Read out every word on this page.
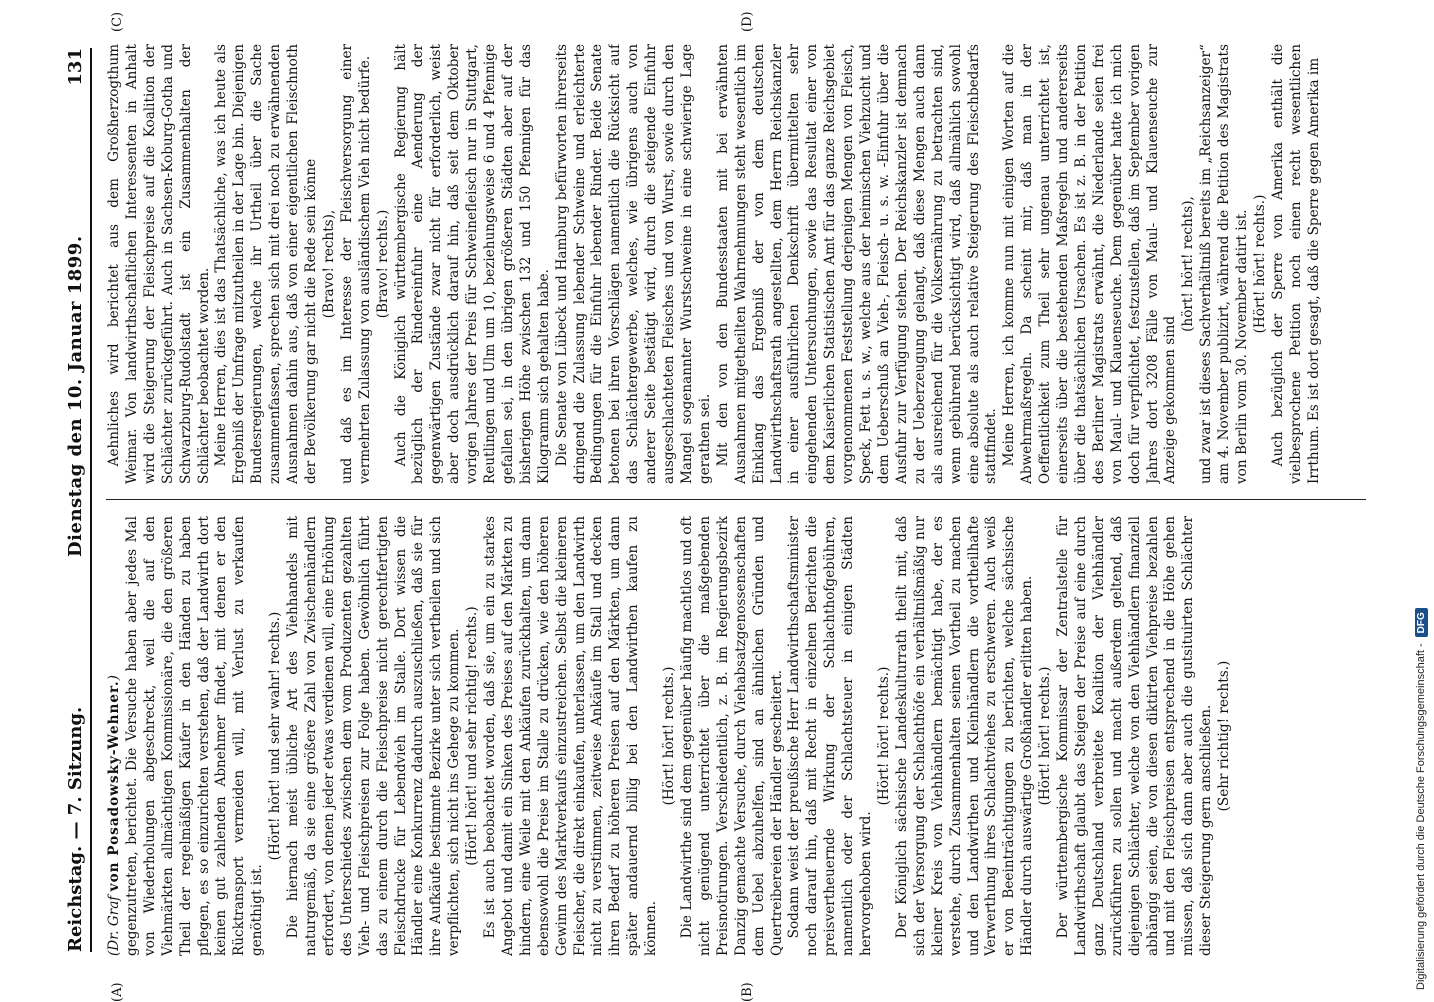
Reichstag. — 7. Sitzung.
Dienstag den 10. Januar 1899.
131
(A)	(B)
(C)	(D)

(Dr. Graf von Posadowsky-Wehner.) gegenzutreten, berichtet. Die Versuche haben aber jedes Mal von Wiederholungen abgeschreckt, weil die auf den Viehmärkten allmächtigen Kommissionäre, die den größeren Theil der regelmäßigen Käufer in den Händen zu haben pflegen, es so einzurichten verstehen, daß der Landwirth dort keinen gut zahlenden Abnehmer findet, mit denen er den Rücktransport vermeiden will, mit Verlust zu verkaufen genöthigt ist.

(Hört! hört! und sehr wahr! rechts.) Die hiernach meist übliche Art des Viehhandels mit naturgemäß, da sie eine größere Zahl von Zwischenhändlern erfordert, von denen jeder etwas verdienen will, eine Erhöhung des Unterschiedes zwischen dem vom Produzenten gezahlten Vieh- und Fleischpreisen zur Folge haben. Gewöhnlich führt das zu einem durch die Fleischpreise nicht gerechtfertigten Fleischdrucke für Lebendvieh im Stalle. Dort wissen die Händler eine Konkurrenz dadurch auszuschließen, daß sie für ihre Aufkäufe bestimmte Bezirke unter sich vertheilen und sich verpflichten, sich nicht ins Gehege zu kommen. (Hört! hört! und sehr richtig! rechts.) Es ist auch beobachtet worden, daß sie, um ein zu starkes Angebot und damit ein Sinken des Preises auf den Märkten zu hindern, eine Weile mit den Ankäufen zurückhalten, um dann ebensowohl die Preise im Stalle zu drücken, wie den höheren Gewinn des Marktverkaufs einzustreichen. Selbst die kleineren Fleischer, die direkt einkaufen, unterlassen, um den Landwirth nicht zu verstimmen, zeitweise Ankäufe im Stall und decken ihren Bedarf zu höheren Preisen auf den Märkten, um dann später andauernd billig bei den Landwirthen kaufen zu können.

(Hört! hört! rechts.) Die Landwirthe sind dem gegenüber häufig machtlos und oft nicht genügend unterrichtet über die maßgebenden Preisnotirungen. Verschiedentlich, z. B. im Regierungsbezirk Danzig gemachte Versuche, durch Viehabsatzgenossenschaften dem Uebel abzuhelfen, sind an ähnlichen Gründen und Quertreibereien der Händler gescheitert. Sodann weist der preußische Herr Landwirthschaftsminister noch darauf hin, daß mit Recht in einzelnen Berichten die preisvertheuernde Wirkung der Schlachthofgebühren, namentlich oder der Schlachtsteuer in einigen Städten hervorgehoben wird.

(Hört! hört! rechts.) Der Königlich sächsische Landeskulturrath theilt mit, daß sich der Versorgung der Schlachthöfe ein verhältnißmäßig nur kleiner Kreis von Viehhändlern bemächtigt habe, der es verstehe, durch Zusammenhalten seinen Vortheil zu machen und den Landwirthen und Kleinhändlern die vortheilhafte Verwerthung ihres Schlachtviehes zu erschweren. Auch weiß er von Beeinträchtigungen zu berichten, welche sächsische Händler durch auswärtige Großhändler erlitten haben. (Hört! hört! rechts.) Der württembergische Kommissar der Zentralstelle für Landwirthschaft glaubt das Steigen der Preise auf eine durch ganz Deutschland verbreitete Koalition der Viehhändler zurückführen zu sollen und macht außerdem geltend, daß diejenigen Schlächter, welche von den Viehhändlern finanziell abhängig seien, die von diesen diktirten Viehpreise bezahlen und mit den Fleischpreisen entsprechend in die Höhe gehen müssen, daß sich dann aber auch die gutsituirten Schlächter dieser Steigerung gern anschließen. (Sehr richtig! rechts.)

Aehnliches wird berichtet aus dem Großherzogthum Weimar. Von landwirthschaftlichen Interessenten in Anhalt wird die Steigerung der Fleischpreise auf die Koalition der Schlächter zurückgeführt. Auch in Sachsen-Koburg-Gotha und Schwarzburg-Rudolstadt ist ein Zusammenhalten der Schlächter beobachtet worden. Meine Herren, dies ist das Thatsächliche, was ich heute als Ergebniß der Umfrage mitzutheilen in der Lage bin. Diejenigen Bundesregierungen, welche ihr Urtheil über die Sache zusammenfassen, sprechen sich mit drei noch zu erwähnenden Ausnahmen dahin aus, daß von einer eigentlichen Fleischnoth der Bevölkerung gar nicht die Rede sein könne (Bravo! rechts), und daß es im Interesse der Fleischversorgung einer vermehrten Zulassung von ausländischem Vieh nicht bedürfe. (Bravo! rechts.) Auch die Königlich württembergische Regierung hält bezüglich der Rindereinfuhr eine Aenderung der gegenwärtigen Zustände zwar nicht für erforderlich, weist aber doch ausdrücklich darauf hin, daß seit dem Oktober vorigen Jahres der Preis für Schweinefleisch nur in Stuttgart, Reutlingen und Ulm um 10, beziehungsweise 6 und 4 Pfennige gefallen sei, in den übrigen größeren Städten aber auf der bisherigen Höhe zwischen 132 und 150 Pfennigen für das Kilogramm sich gehalten habe. Die Senate von Lübeck und Hamburg befürworten ihrerseits dringend die Zulassung lebender Schweine und erleichterte Bedingungen für die Einfuhr lebender Rinder. Beide Senate betonen bei ihren Vorschlägen namentlich die Rücksicht auf das Schlächtergewerbe, welches, wie übrigens auch von anderer Seite bestätigt wird, durch die steigende Einfuhr ausgeschlachteten Fleisches und von Wurst, sowie durch den Mangel sogenannter Wurstschweine in eine schwierige Lage gerathen sei. Mit den von den Bundesstaaten mit bei erwähnten Ausnahmen mitgetheilten Wahrnehmungen steht wesentlich im Einklang das Ergebniß der von dem deutschen Landwirthschaftsrath angestellten, dem Herrn Reichskanzler in einer ausführlichen Denkschrift übermittelten sehr eingehenden Untersuchungen, sowie das Resultat einer von dem Kaiserlichen Statistischen Amt für das ganze Reichsgebiet vorgenommenen Feststellung derjenigen Mengen von Fleisch, Speck, Fett u. s. w., welche aus der heimischen Viehzucht und dem Ueberschuß an Vieh-, Fleisch- u. s. w. -Einfuhr über die Ausfuhr zur Verfügung stehen. Der Reichskanzler ist demnach zu der Ueberzeugung gelangt, daß diese Mengen auch dann als ausreichend für die Volksernährung zu betrachten sind, wenn gebührend berücksichtigt wird, daß allmählich sowohl eine absolute als auch relative Steigerung des Fleischbedarfs stattfindet. Meine Herren, ich komme nun mit einigen Worten auf die Abwehrmaßregeln. Da scheint mir, daß man in der Oeffentlichkeit zum Theil sehr ungenau unterrichtet ist, einerseits über die bestehenden Maßregeln und andererseits über die thatsächlichen Ursachen. Es ist z. B. in der Petition des Berliner Magistrats erwähnt, die Niederlande seien frei von Maul- und Klauenseuche. Dem gegenüber hatte ich mich doch für verpflichtet, festzustellen, daß im September vorigen Jahres dort 3208 Fälle von Maul- und Klauenseuche zur Anzeige gekommen sind

(hört! hört! rechts), und zwar ist dieses Sachverhältniß bereits im „Reichsanzeiger“ am 4. November publizirt, während die Petition des Magistrats von Berlin vom 30. November datirt ist. (Hört! hört! rechts.) Auch bezüglich der Sperre von Amerika enthält die vielbesprochene Petition noch einen recht wesentlichen Irrthum. Es ist dort gesagt, daß die Sperre gegen Amerika im

Digitalisierung gefördert durch die Deutsche Forschungsgemeinschaft -
DFG
